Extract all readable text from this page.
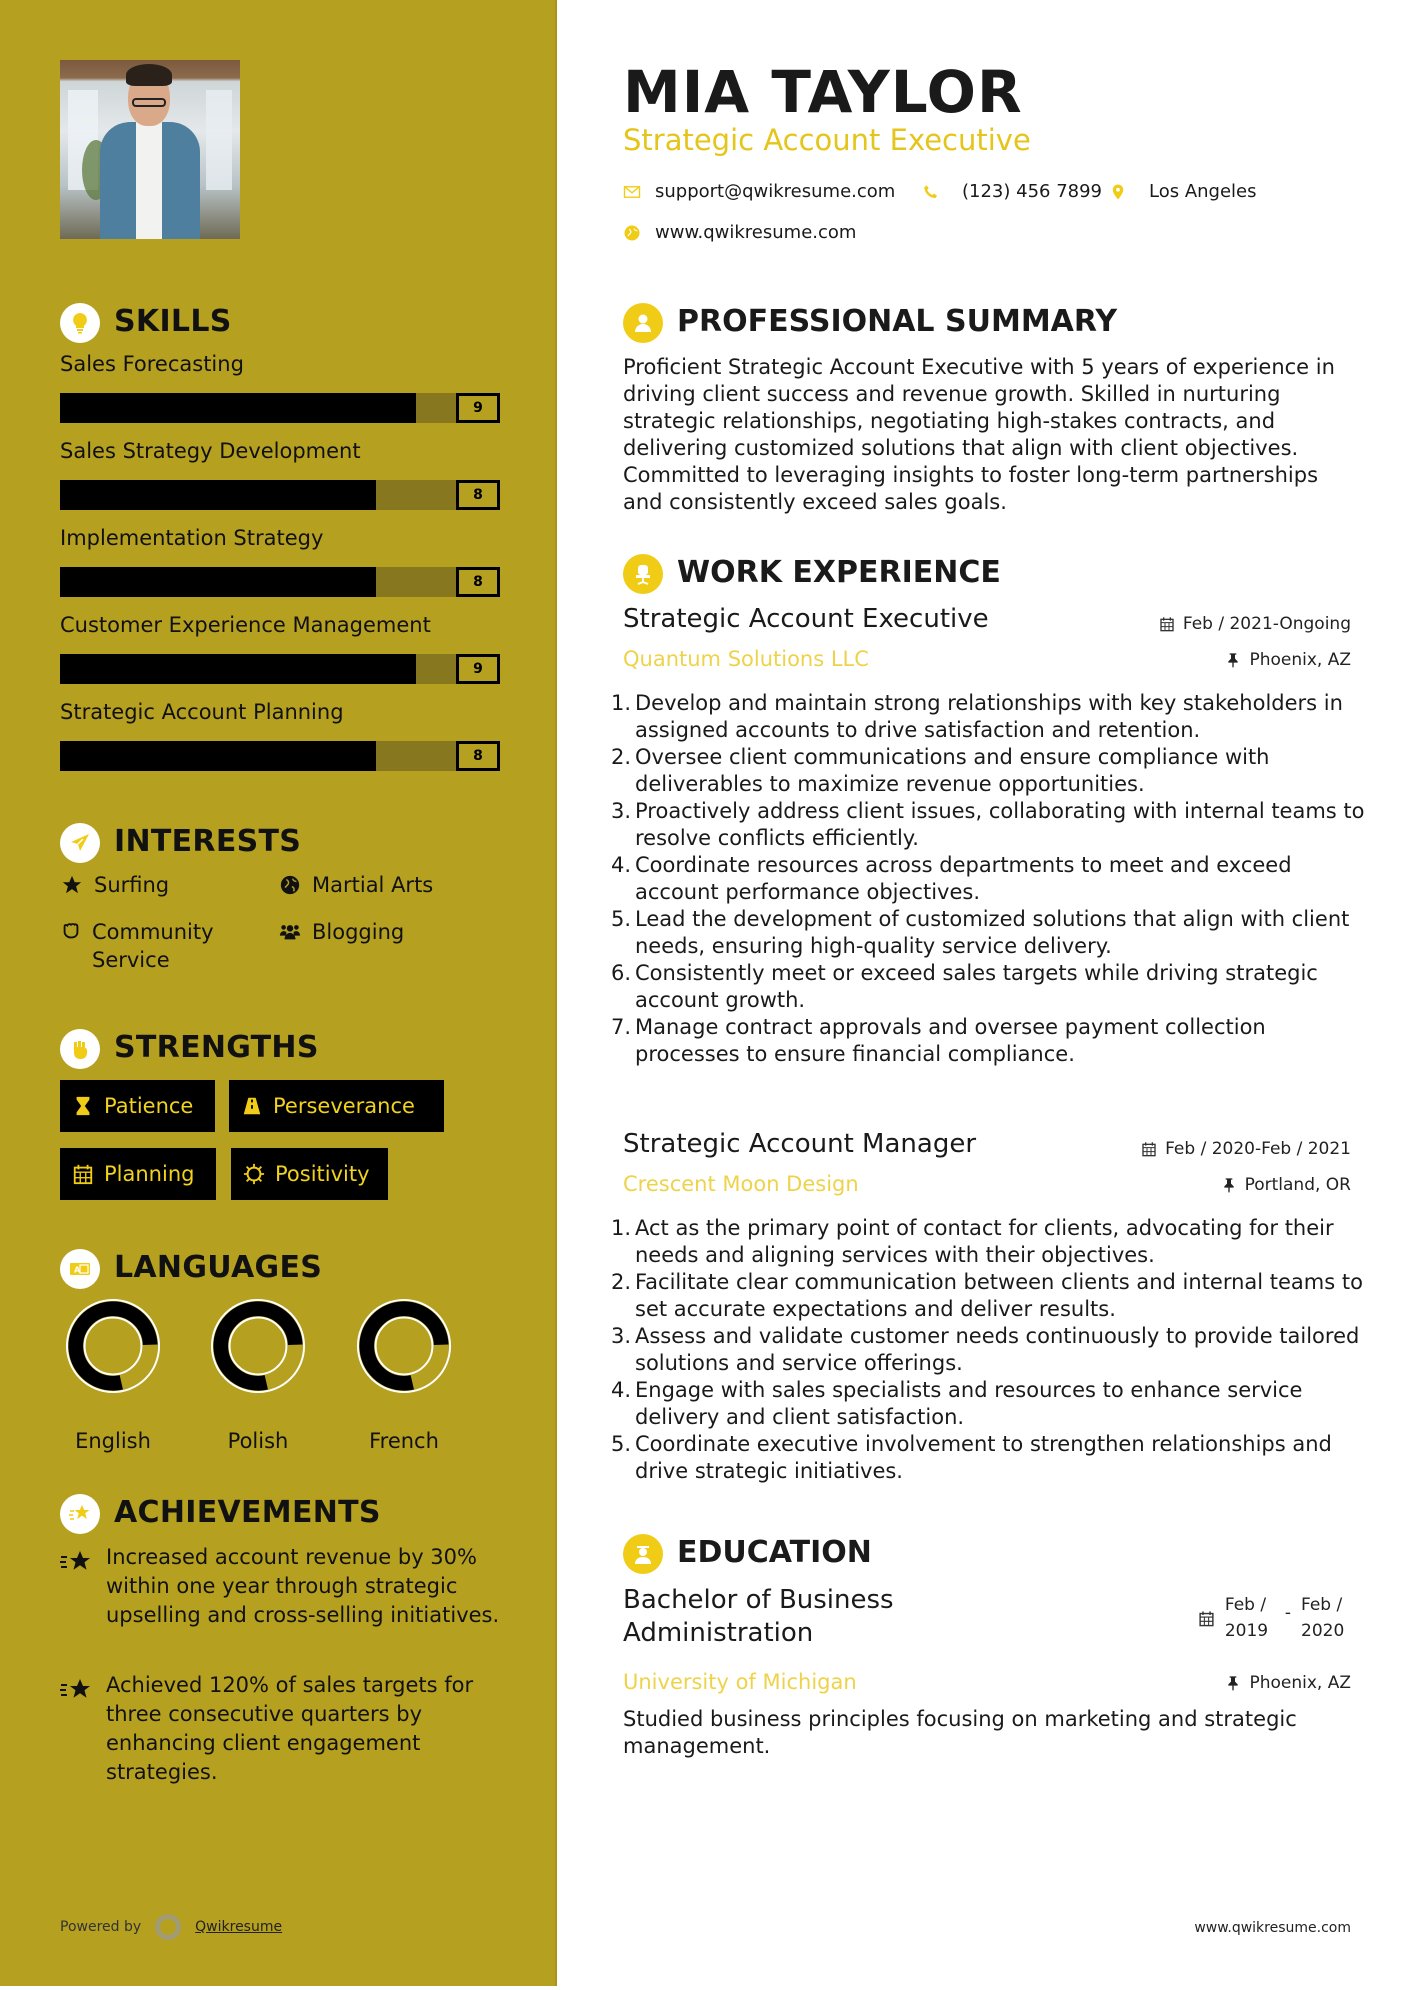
SKILLS
Sales Forecasting
9
Sales Strategy Development
8
Implementation Strategy
8
Customer Experience Management
9
Strategic Account Planning
8
INTERESTS
Surfing	Martial Arts
Community Service
Blogging
STRENGTHS
Patience	Perseverance
Planning	Positivity
A LANGUAGES
English	Polish	French
ACHIEVEMENTS
Increased account revenue by 30% within one year through strategic upselling and cross-selling initiatives.
Achieved 120% of sales targets for three consecutive quarters by enhancing client engagement strategies.
Powered by	Qwikresume
MIA TAYLOR
Strategic Account Executive
support@qwikresume.com	(123) 456 7899	Los Angeles
www.qwikresume.com
PROFESSIONAL SUMMARY
Proficient Strategic Account Executive with 5 years of experience in driving client success and revenue growth. Skilled in nurturing strategic relationships, negotiating high-stakes contracts, and delivering customized solutions that align with client objectives. Committed to leveraging insights to foster long-term partnerships and consistently exceed sales goals.
WORK EXPERIENCE
Strategic Account Executive	Feb / 2021-Ongoing
Quantum Solutions LLC	Phoenix, AZ
1. Develop and maintain strong relationships with key stakeholders in assigned accounts to drive satisfaction and retention.
2. Oversee client communications and ensure compliance with deliverables to maximize revenue opportunities.
3. Proactively address client issues, collaborating with internal teams to resolve conflicts efficiently.
4. Coordinate resources across departments to meet and exceed account performance objectives.
5. Lead the development of customized solutions that align with client needs, ensuring high-quality service delivery.
6. Consistently meet or exceed sales targets while driving strategic account growth.
7. Manage contract approvals and oversee payment collection processes to ensure financial compliance.
Strategic Account Manager	Feb / 2020-Feb / 2021
Crescent Moon Design	Portland, OR
1. Act as the primary point of contact for clients, advocating for their needs and aligning services with their objectives.
2. Facilitate clear communication between clients and internal teams to set accurate expectations and deliver results.
3. Assess and validate customer needs continuously to provide tailored solutions and service offerings.
4. Engage with sales specialists and resources to enhance service delivery and client satisfaction.
5. Coordinate executive involvement to strengthen relationships and drive strategic initiatives.
EDUCATION
Bachelor of Business
Administration
Feb /
2019
- Feb /
2020
University of Michigan	Phoenix, AZ
Studied business principles focusing on marketing and strategic management.
www.qwikresume.com
